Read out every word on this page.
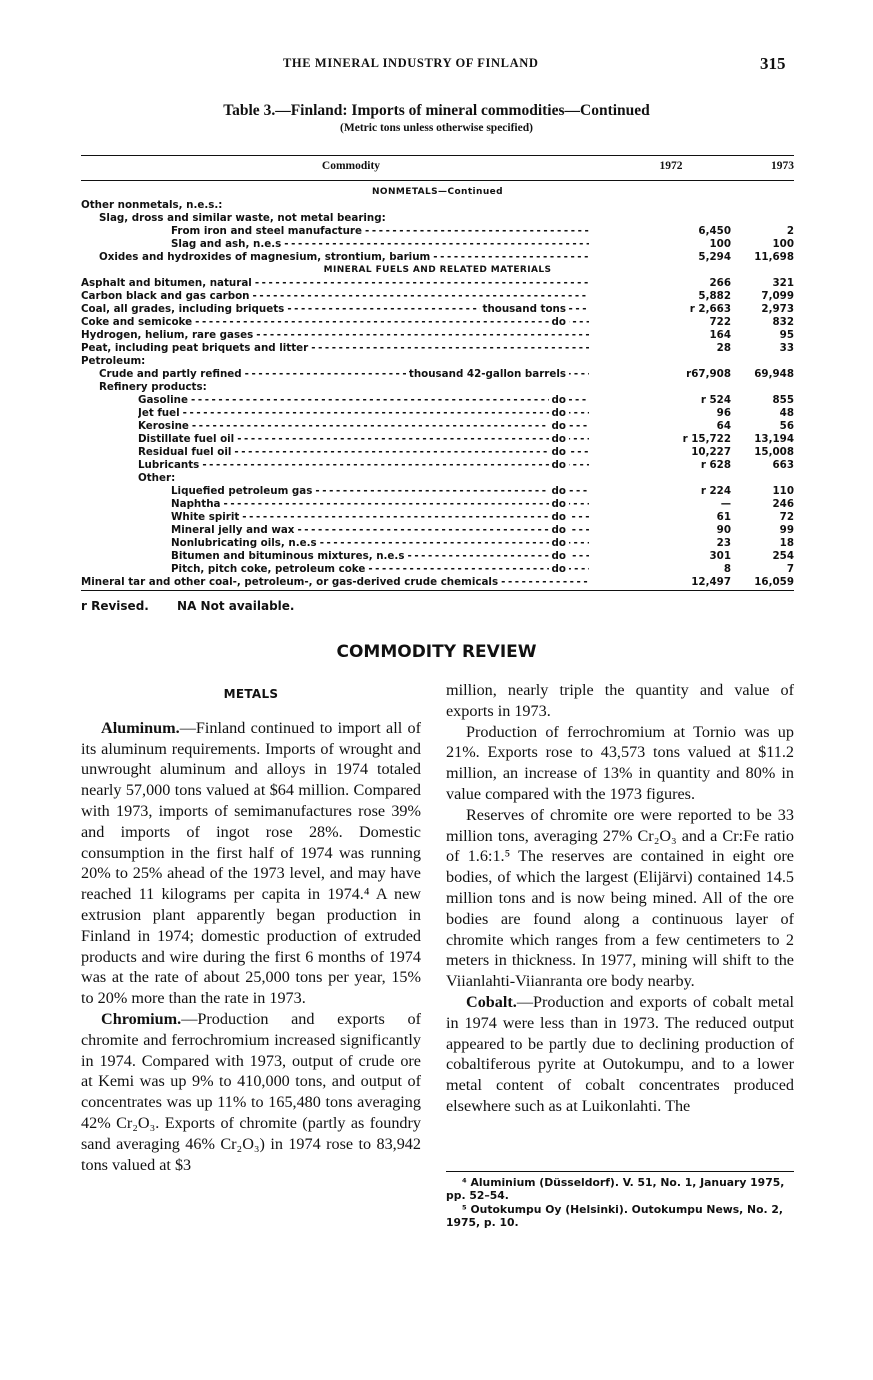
THE MINERAL INDUSTRY OF FINLAND	315
Table 3.—Finland: Imports of mineral commodities—Continued
(Metric tons unless otherwise specified)
Commodity	1972	1973
NONMETALS—Continued
Other nonmetals, n.e.s.:
Slag, dross and similar waste, not metal bearing:
From iron and steel manufacture - - -	6,450	2
Slag and ash, n.e.s - - -	100	100
Oxides and hydroxides of magnesium, strontium, barium - - -	5,294	11,698
MINERAL FUELS AND RELATED MATERIALS
Asphalt and bitumen, natural - - -	266	321
Carbon black and gas carbon - - -	5,882	7,099
Coal, all grades, including briquets - - -	thousand tons	r 2,663	2,973
Coke and semicoke - - -	do	722	832
Hydrogen, helium, rare gases - - -	164	95
Peat, including peat briquets and litter - - -	28	33
Petroleum:
Crude and partly refined - - -	thousand 42-gallon barrels	r67,908	69,948
Refinery products:
Gasoline - - -	do	r 524	855
Jet fuel - - -	do	96	48
Kerosine - - -	do	64	56
Distillate fuel oil - - -	do	r 15,722	13,194
Residual fuel oil - - -	do	10,227	15,008
Lubricants - - -	do	r 628	663
Other:
Liquefied petroleum gas - - -	do	r 224	110
Naphtha - - -	do	—	246
White spirit - - -	do	61	72
Mineral jelly and wax - - -	do	90	99
Nonlubricating oils, n.e.s - - -	do	23	18
Bitumen and bituminous mixtures, n.e.s - - -	do	301	254
Pitch, pitch coke, petroleum coke - - -	do	8	7
Mineral tar and other coal-, petroleum-, or gas-derived crude chemicals - - -	12,497	16,059
r Revised. NA Not available.
COMMODITY REVIEW
METALS

Aluminum.—Finland continued to import all of its aluminum requirements. Imports of wrought and unwrought aluminum and alloys in 1974 totaled nearly 57,000 tons valued at $64 million. Compared with 1973, imports of semimanufactures rose 39% and imports of ingot rose 28%. Domestic consumption in the first half of 1974 was running 20% to 25% ahead of the 1973 level, and may have reached 11 kilograms per capita in 1974.⁴ A new extrusion plant apparently began production in Finland in 1974; domestic production of extruded products and wire during the first 6 months of 1974 was at the rate of about 25,000 tons per year, 15% to 20% more than the rate in 1973.

Chromium.—Production and exports of chromite and ferrochromium increased significantly in 1974. Compared with 1973, output of crude ore at Kemi was up 9% to 410,000 tons, and output of concentrates was up 11% to 165,480 tons averaging 42% Cr₂O₃. Exports of chromite (partly as foundry sand averaging 46% Cr₂O₃) in 1974 rose to 83,942 tons valued at $3

million, nearly triple the quantity and value of exports in 1973.

Production of ferrochromium at Tornio was up 21%. Exports rose to 43,573 tons valued at $11.2 million, an increase of 13% in quantity and 80% in value compared with the 1973 figures.

Reserves of chromite ore were reported to be 33 million tons, averaging 27% Cr₂O₃ and a Cr:Fe ratio of 1.6:1.⁵ The reserves are contained in eight ore bodies, of which the largest (Elijärvi) contained 14.5 million tons and is now being mined. All of the ore bodies are found along a continuous layer of chromite which ranges from a few centimeters to 2 meters in thickness. In 1977, mining will shift to the Viianlahti-Viianranta ore body nearby.

Cobalt.—Production and exports of cobalt metal in 1974 were less than in 1973. The reduced output appeared to be partly due to declining production of cobaltiferous pyrite at Outokumpu, and to a lower metal content of cobalt concentrates produced elsewhere such as at Luikonlahti. The

⁴ Aluminium (Düsseldorf). V. 51, No. 1, January 1975, pp. 52–54.

⁵ Outokumpu Oy (Helsinki). Outokumpu News, No. 2, 1975, p. 10.
